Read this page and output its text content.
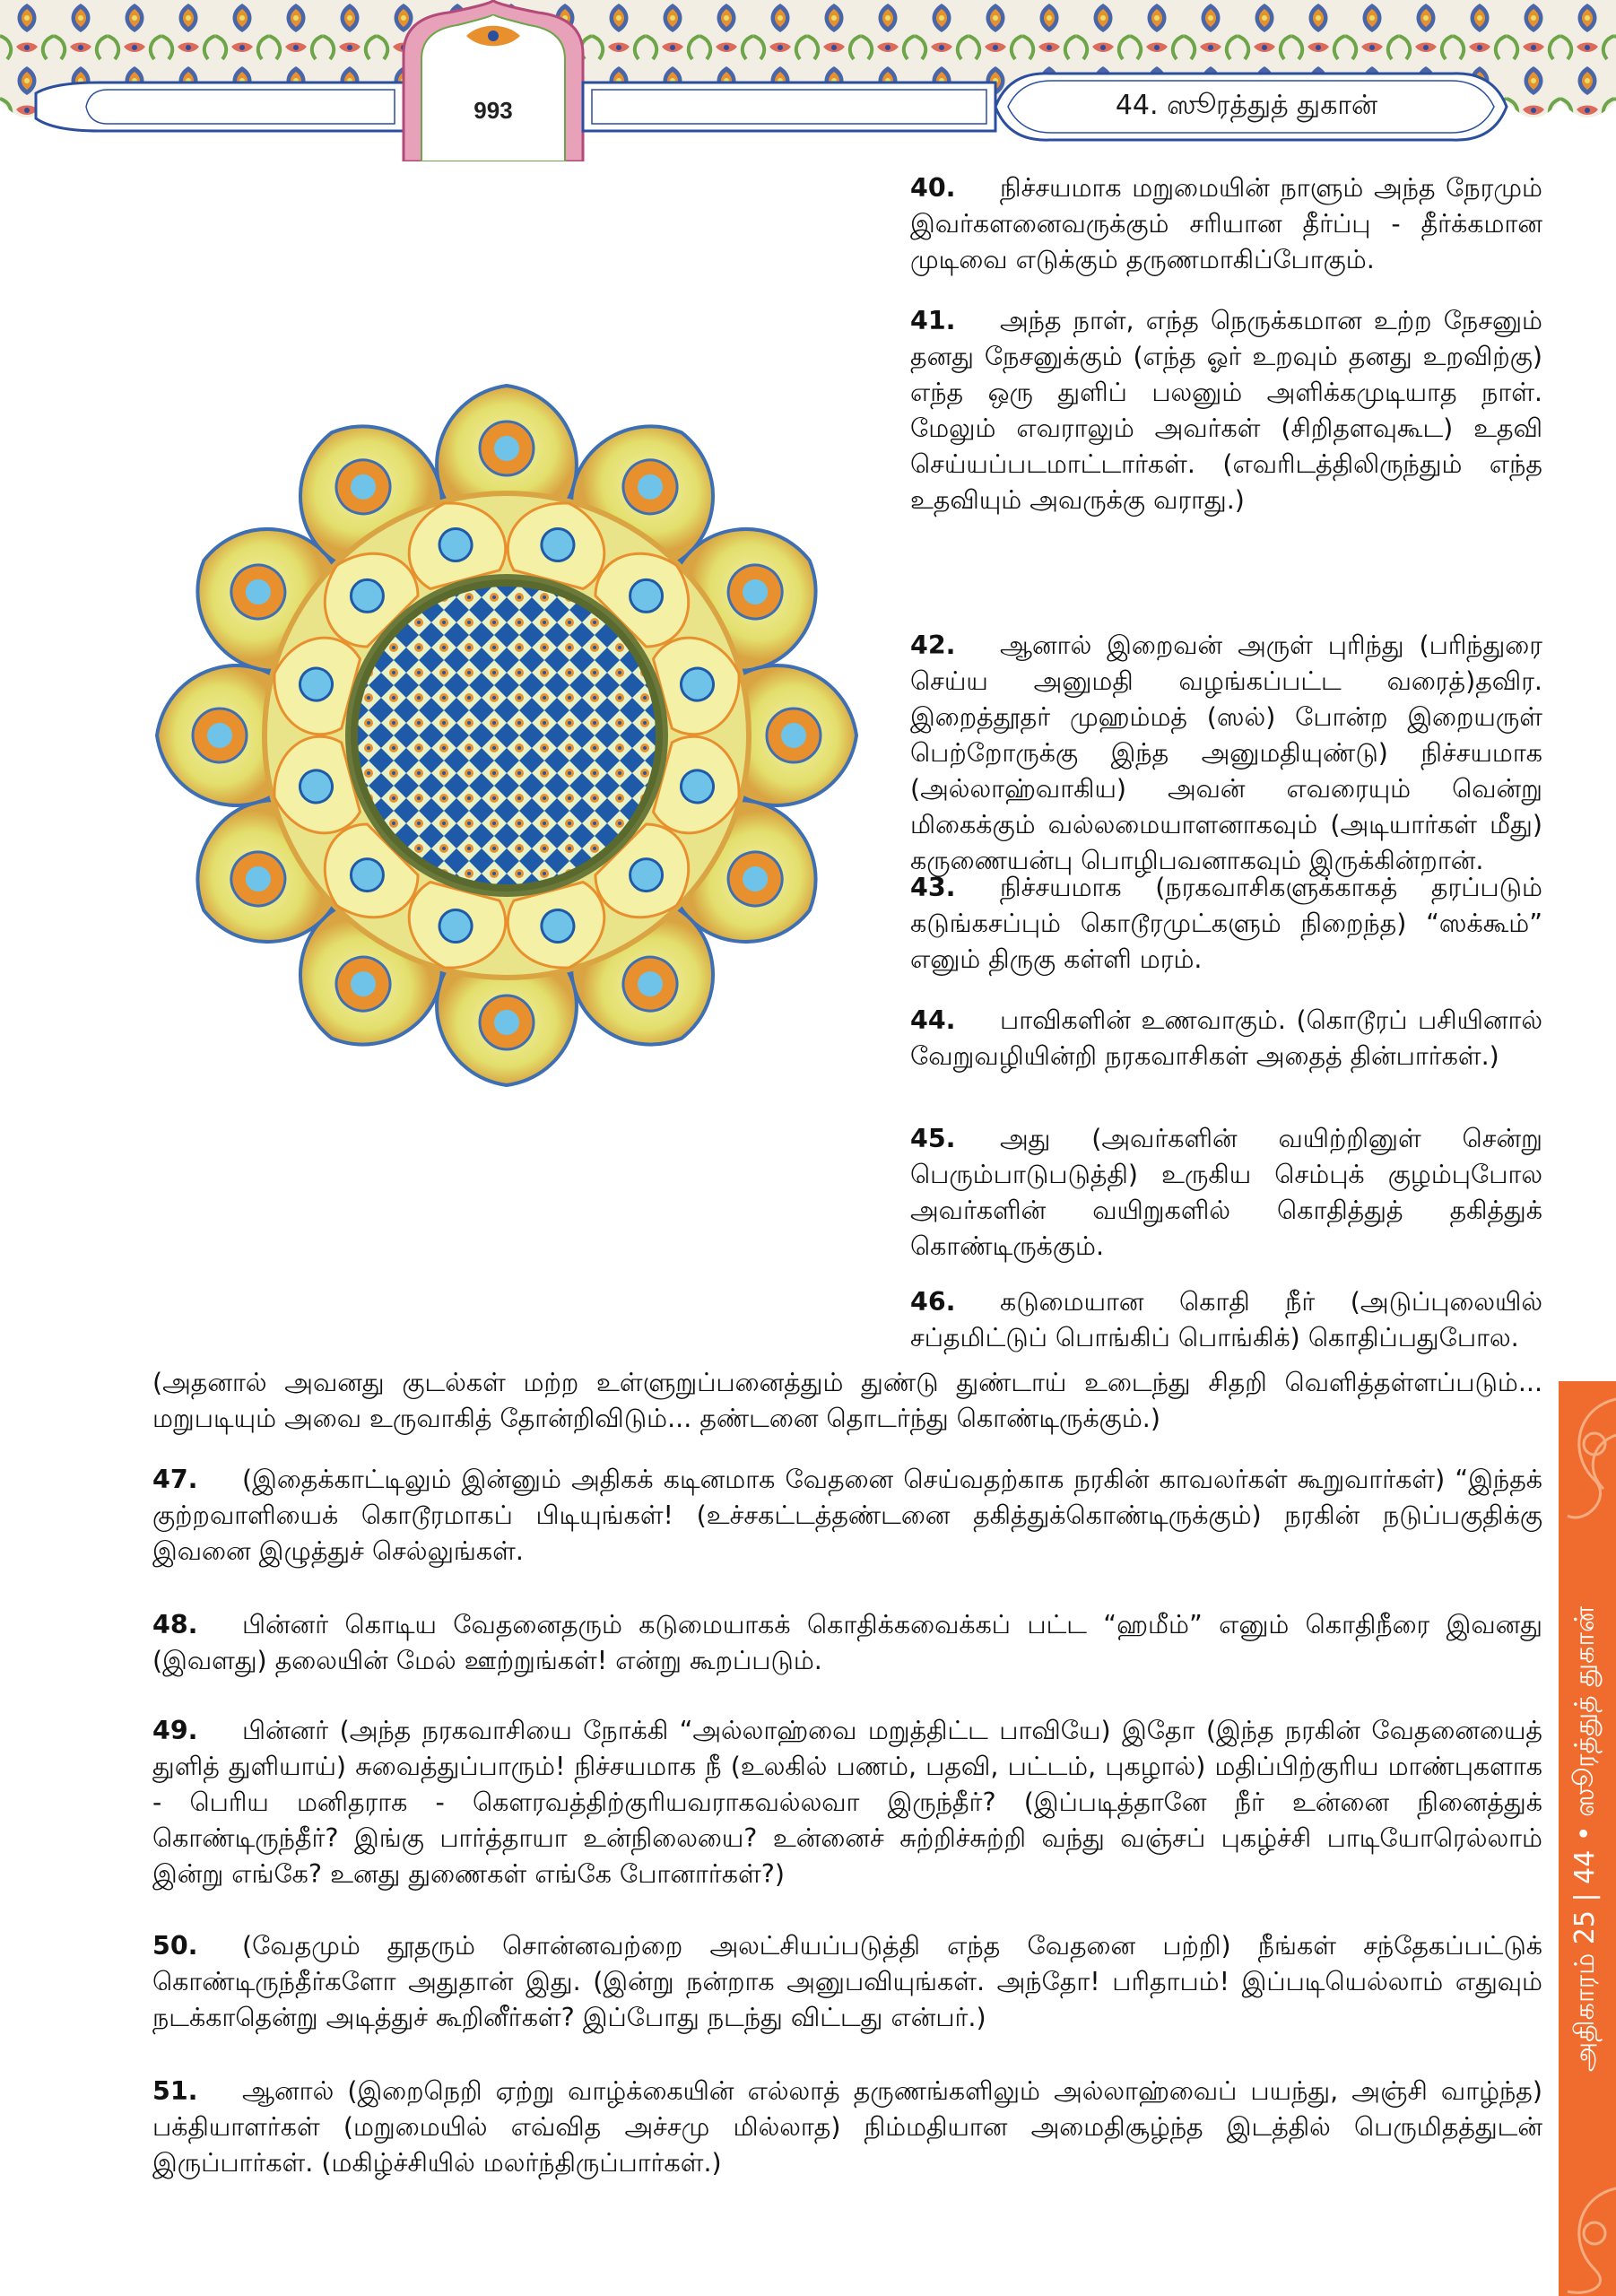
993	44. ஸூரத்துத் துகான்
40. நிச்சயமாக மறுமையின் நாளும் அந்த நேரமும் இவர்களனைவருக்கும் சரியான தீர்ப்பு - தீர்க்கமான முடிவை எடுக்கும் தருணமாகிப்போகும்.
41. அந்த நாள், எந்த நெருக்கமான உற்ற நேசனும் தனது நேசனுக்கும் (எந்த ஓர் உறவும் தனது உறவிற்கு) எந்த ஒரு துளிப் பலனும் அளிக்கமுடியாத நாள். மேலும் எவராலும் அவர்கள் (சிறிதளவுகூட) உதவி செய்யப்படமாட்டார்கள். (எவரிடத்திலிருந்தும் எந்த உதவியும் அவருக்கு வராது.)
42. ஆனால் இறைவன் அருள் புரிந்து (பரிந்துரை செய்ய அனுமதி வழங்கப்பட்ட வரைத்)தவிர. இறைத்தூதர் முஹம்மத் (ஸல்) போன்ற இறையருள் பெற்றோருக்கு இந்த அனுமதியுண்டு) நிச்சயமாக (அல்லாஹ்வாகிய) அவன் எவரையும் வென்று மிகைக்கும் வல்லமையாளனாகவும் (அடியார்கள் மீது) கருணையன்பு பொழிபவனாகவும் இருக்கின்றான்.
43. நிச்சயமாக (நரகவாசிகளுக்காகத் தரப்படும் கடுங்கசப்பும் கொடூரமுட்களும் நிறைந்த) “ஸக்கூம்” எனும் திருகு கள்ளி மரம்.
44. பாவிகளின் உணவாகும். (கொடூரப் பசியினால் வேறுவழியின்றி நரகவாசிகள் அதைத் தின்பார்கள்.)
45. அது (அவர்களின் வயிற்றினுள் சென்று பெரும்பாடுபடுத்தி) உருகிய செம்புக் குழம்புபோல அவர்களின் வயிறுகளில் கொதித்துத் தகித்துக் கொண்டிருக்கும்.
46. கடுமையான கொதி நீர் (அடுப்புலையில் சப்தமிட்டுப் பொங்கிப் பொங்கிக்) கொதிப்பதுபோல.
(அதனால் அவனது குடல்கள் மற்ற உள்ளுறுப்பனைத்தும் துண்டு துண்டாய் உடைந்து சிதறி வெளித்தள்ளப்படும்... மறுபடியும் அவை உருவாகித் தோன்றிவிடும்... தண்டனை தொடர்ந்து கொண்டிருக்கும்.)
47. (இதைக்காட்டிலும் இன்னும் அதிகக் கடினமாக வேதனை செய்வதற்காக நரகின் காவலர்கள் கூறுவார்கள்) “இந்தக் குற்றவாளியைக் கொடூரமாகப் பிடியுங்கள்! (உச்சகட்டத்தண்டனை தகித்துக்கொண்டிருக்கும்) நரகின் நடுப்பகுதிக்கு இவனை இழுத்துச் செல்லுங்கள்.
48. பின்னர் கொடிய வேதனைதரும் கடுமையாகக் கொதிக்கவைக்கப் பட்ட “ஹமீம்” எனும் கொதிநீரை இவனது (இவளது) தலையின் மேல் ஊற்றுங்கள்! என்று கூறப்படும்.
49. பின்னர் (அந்த நரகவாசியை நோக்கி “அல்லாஹ்வை மறுத்திட்ட பாவியே) இதோ (இந்த நரகின் வேதனையைத் துளித் துளியாய்) சுவைத்துப்பாரும்! நிச்சயமாக நீ (உலகில் பணம், பதவி, பட்டம், புகழால்) மதிப்பிற்குரிய மாண்புகளாக - பெரிய மனிதராக - கௌரவத்திற்குரியவராகவல்லவா இருந்தீர்? (இப்படித்தானே நீர் உன்னை நினைத்துக் கொண்டிருந்தீர்? இங்கு பார்த்தாயா உன்நிலையை? உன்னைச் சுற்றிச்சுற்றி வந்து வஞ்சப் புகழ்ச்சி பாடியோரெல்லாம் இன்று எங்கே? உனது துணைகள் எங்கே போனார்கள்?)
50. (வேதமும் தூதரும் சொன்னவற்றை அலட்சியப்படுத்தி எந்த வேதனை பற்றி) நீங்கள் சந்தேகப்பட்டுக் கொண்டிருந்தீர்களோ அதுதான் இது. (இன்று நன்றாக அனுபவியுங்கள். அந்தோ! பரிதாபம்! இப்படியெல்லாம் எதுவும் நடக்காதென்று அடித்துச் கூறினீர்கள்? இப்போது நடந்து விட்டது என்பர்.)
51. ஆனால் (இறைநெறி ஏற்று வாழ்க்கையின் எல்லாத் தருணங்களிலும் அல்லாஹ்வைப் பயந்து, அஞ்சி வாழ்ந்த) பக்தியாளர்கள் (மறுமையில் எவ்வித அச்சமு மில்லாத) நிம்மதியான அமைதிசூழ்ந்த இடத்தில் பெருமிதத்துடன் இருப்பார்கள். (மகிழ்ச்சியில் மலர்ந்திருப்பார்கள்.)
அதிகாரம் 25 | 44 • ஸூரத்துத் துகான்
